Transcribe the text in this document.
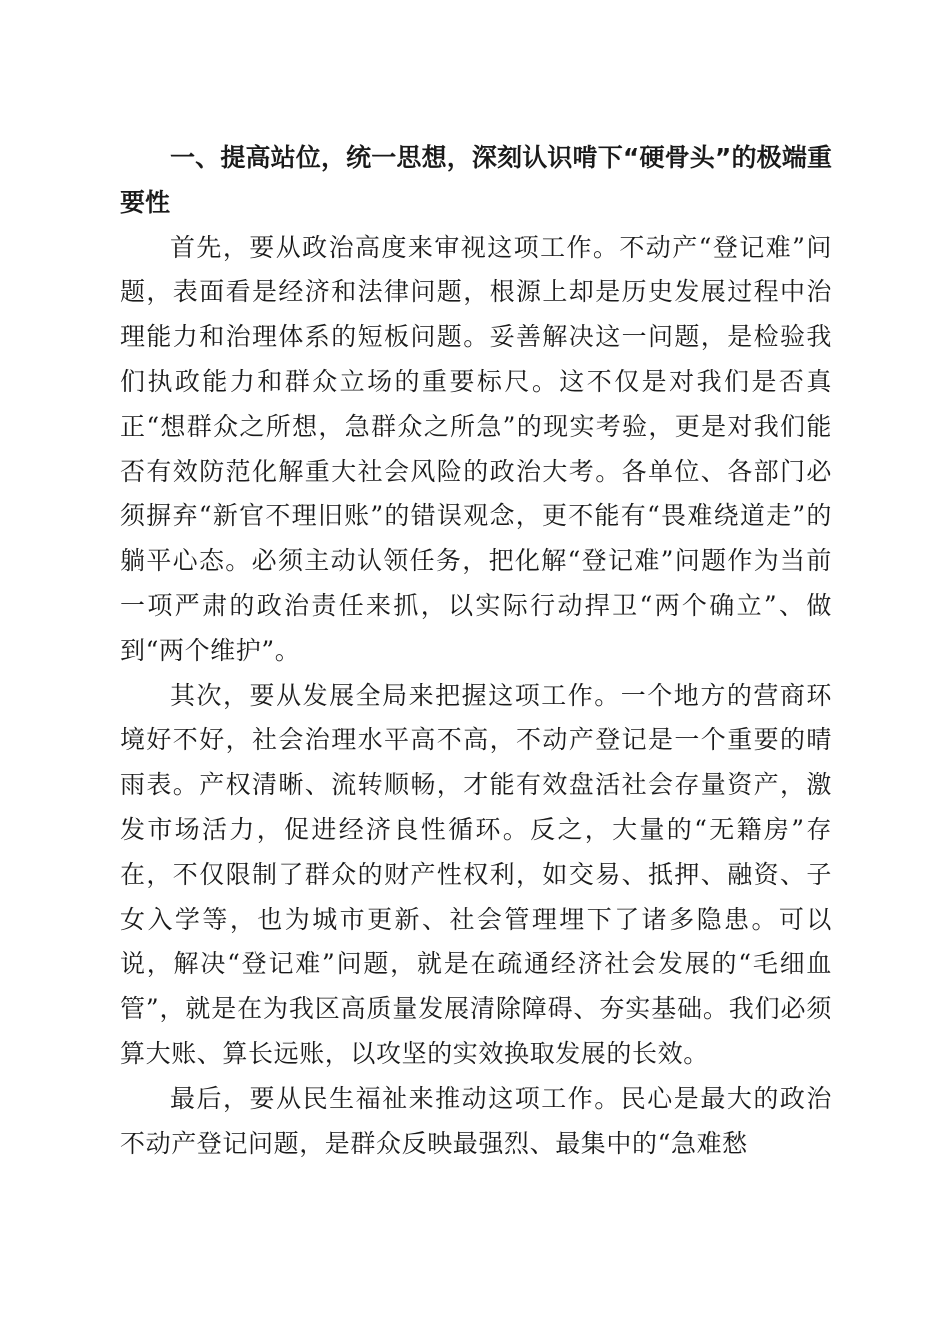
一、提高站位，统一思想，深刻认识啃下“硬骨头”的极端重要性

首先，要从政治高度来审视这项工作。不动产“登记难”问题，表面看是经济和法律问题，根源上却是历史发展过程中治理能力和治理体系的短板问题。妥善解决这一问题，是检验我们执政能力和群众立场的重要标尺。这不仅是对我们是否真正“想群众之所想，急群众之所急”的现实考验，更是对我们能否有效防范化解重大社会风险的政治大考。各单位、各部门必须摒弃“新官不理旧账”的错误观念，更不能有“畏难绕道走”的躺平心态。必须主动认领任务，把化解“登记难”问题作为当前一项严肃的政治责任来抓，以实际行动捍卫“两个确立”、做到“两个维护”。

其次，要从发展全局来把握这项工作。一个地方的营商环境好不好，社会治理水平高不高，不动产登记是一个重要的晴雨表。产权清晰、流转顺畅，才能有效盘活社会存量资产，激发市场活力，促进经济良性循环。反之，大量的“无籍房”存在，不仅限制了群众的财产性权利，如交易、抵押、融资、子女入学等，也为城市更新、社会管理埋下了诸多隐患。可以说，解决“登记难”问题，就是在疏通经济社会发展的“毛细血管”，就是在为我区高质量发展清除障碍、夯实基础。我们必须算大账、算长远账，以攻坚的实效换取发展的长效。

最后，要从民生福祉来推动这项工作。民心是最大的政治不动产登记问题，是群众反映最强烈、最集中的“急难愁
